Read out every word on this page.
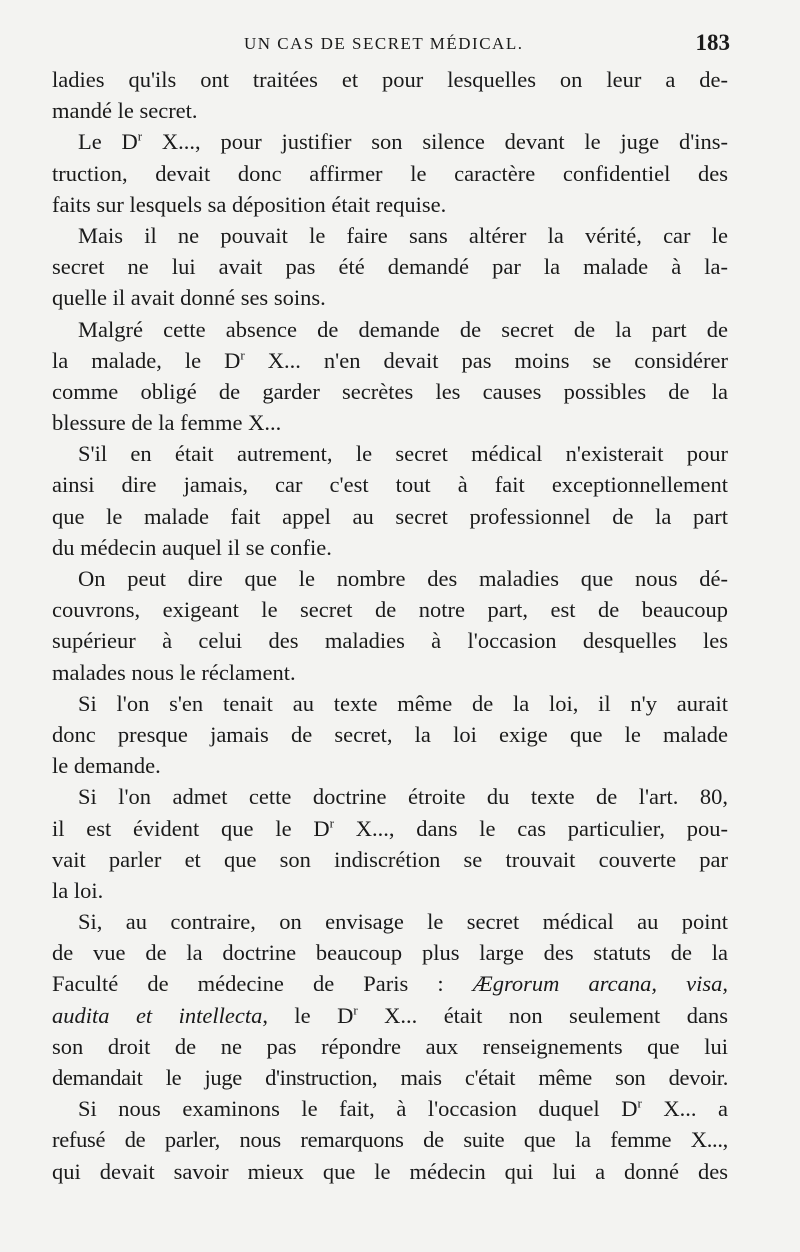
UN CAS DE SECRET MÉDICAL.	183
ladies qu'ils ont traitées et pour lesquelles on leur a de-
mandé le secret.
Le $D^r$ X..., pour justifier son silence devant le juge d'ins-
truction, devait donc affirmer le caractère confidentiel des
faits sur lesquels sa déposition était requise.
Mais il ne pouvait le faire sans altérer la vérité, car le
secret ne lui avait pas été demandé par la malade à la-
quelle il avait donné ses soins.
Malgré cette absence de demande de secret de la part de
la malade, le $D^r$ X... n'en devait pas moins se considérer
comme obligé de garder secrètes les causes possibles de la
blessure de la femme X...
S'il en était autrement, le secret médical n'existerait pour
ainsi dire jamais, car c'est tout à fait exceptionnellement
que le malade fait appel au secret professionnel de la part
du médecin auquel il se confie.
On peut dire que le nombre des maladies que nous dé-
couvrons, exigeant le secret de notre part, est de beaucoup
supérieur à celui des maladies à l'occasion desquelles les
malades nous le réclament.
Si l'on s'en tenait au texte même de la loi, il n'y aurait
donc presque jamais de secret, la loi exige que le malade
le demande.
Si l'on admet cette doctrine étroite du texte de l'art. 80,
il est évident que le $D^r$ X..., dans le cas particulier, pou-
vait parler et que son indiscrétion se trouvait couverte par
la loi.
Si, au contraire, on envisage le secret médical au point
de vue de la doctrine beaucoup plus large des statuts de la
Faculté de médecine de Paris : Ægrorum arcana, visa,
audita et intellecta, le $D^r$ X... était non seulement dans
son droit de ne pas répondre aux renseignements que lui
demandait le juge d'instruction, mais c'était même son devoir.
Si nous examinons le fait, à l'occasion duquel $D^r$ X... a
refusé de parler, nous remarquons de suite que la femme X...,
qui devait savoir mieux que le médecin qui lui a donné des
